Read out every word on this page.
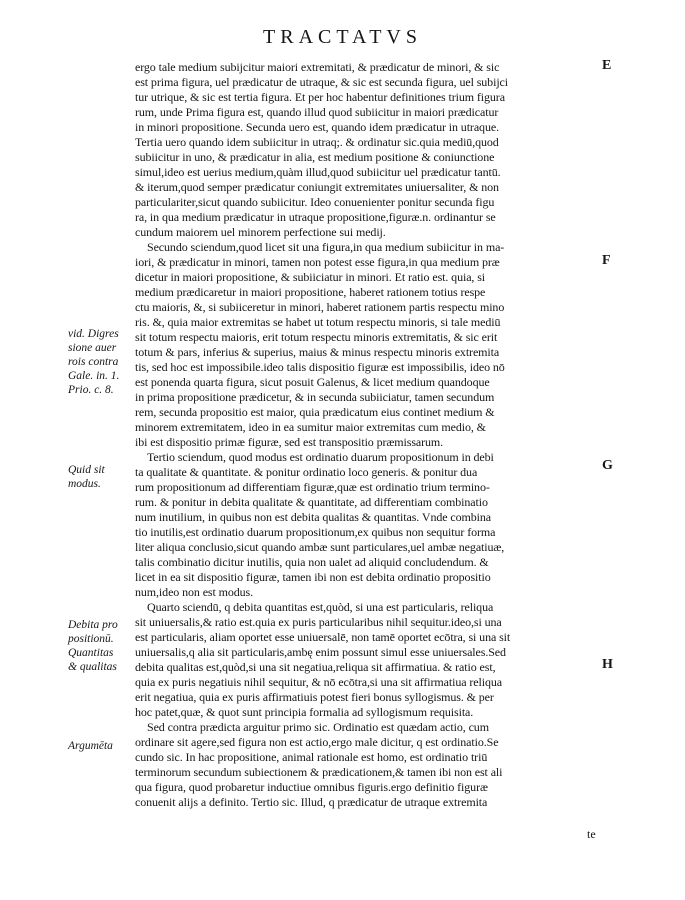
TRACTATVS
E
F
G
H
vid. Digres
sione auer
rois contra
Gale. in. 1.
Prio. c. 8.
Quid sit
modus.
Debita pro
positionū.
Quantitas
& qualitas
Argumēta
ergo tale medium subijcitur maiori extremitati, & prædicatur de minori, & sic
est prima figura, uel prædicatur de utraque, & sic est secunda figura, uel subijci
tur utrique, & sic est tertia figura. Et per hoc habentur definitiones trium figura
rum, unde Prima figura est, quando illud quod subiicitur in maiori prædicatur
in minori propositione. Secunda uero est, quando idem prædicatur in utraque.
Tertia uero quando idem subiicitur in utraq;. & ordinatur sic.quia mediū,quod
subiicitur in uno, & prædicatur in alia, est medium positione & coniunctione
simul,ideo est uerius medium,quàm illud,quod subiicitur uel prædicatur tantū.
& iterum,quod semper prædicatur coniungit extremitates uniuersaliter, & non
particulariter,sicut quando subiicitur. Ideo conuenienter ponitur secunda figu
ra, in qua medium prædicatur in utraque propositione,figuræ.n. ordinantur se
cundum maiorem uel minorem perfectione sui medij.
Secundo sciendum,quod licet sit una figura,in qua medium subiicitur in ma-
iori, & prædicatur in minori, tamen non potest esse figura,in qua medium præ
dicetur in maiori propositione, & subiiciatur in minori. Et ratio est. quia, si
medium prædicaretur in maiori propositione, haberet rationem totius respe
ctu maioris, &, si subiiceretur in minori, haberet rationem partis respectu mino
ris. &, quia maior extremitas se habet ut totum respectu minoris, si tale mediū
sit totum respectu maioris, erit totum respectu minoris extremitatis, & sic erit
totum & pars, inferius & superius, maius & minus respectu minoris extremita
tis, sed hoc est impossibile.ideo talis dispositio figuræ est impossibilis, ideo nō
est ponenda quarta figura, sicut posuit Galenus, & licet medium quandoque
in prima propositione prædicetur, & in secunda subiiciatur, tamen secundum
rem, secunda propositio est maior, quia prædicatum eius continet medium &
minorem extremitatem, ideo in ea sumitur maior extremitas cum medio, &
ibi est dispositio primæ figuræ, sed est transpositio præmissarum.
Tertio sciendum, quod modus est ordinatio duarum propositionum in debi
ta qualitate & quantitate. & ponitur ordinatio loco generis. & ponitur dua
rum propositionum ad differentiam figuræ,quæ est ordinatio trium termino-
rum. & ponitur in debita qualitate & quantitate, ad differentiam combinatio
num inutilium, in quibus non est debita qualitas & quantitas. Vnde combina
tio inutilis,est ordinatio duarum propositionum,ex quibus non sequitur forma
liter aliqua conclusio,sicut quando ambæ sunt particulares,uel ambæ negatiuæ,
talis combinatio dicitur inutilis, quia non ualet ad aliquid concludendum. &
licet in ea sit dispositio figuræ, tamen ibi non est debita ordinatio propositio
num,ideo non est modus.
Quarto sciendū, q debita quantitas est,quòd, si una est particularis, reliqua
sit uniuersalis,& ratio est.quia ex puris particularibus nihil sequitur.ideo,si una
est particularis, aliam oportet esse uniuersalē, non tamē oportet ecōtra, si una sit
uniuersalis,q alia sit particularis,ambę enim possunt simul esse uniuersales.Sed
debita qualitas est,quòd,si una sit negatiua,reliqua sit affirmatiua. & ratio est,
quia ex puris negatiuis nihil sequitur, & nō ecōtra,si una sit affirmatiua reliqua
erit negatiua, quia ex puris affirmatiuis potest fieri bonus syllogismus. & per
hoc patet,quæ, & quot sunt principia formalia ad syllogismum requisita.
Sed contra prædicta arguitur primo sic. Ordinatio est quædam actio, cum
ordinare sit agere,sed figura non est actio,ergo male dicitur, q est ordinatio.Se
cundo sic. In hac propositione, animal rationale est homo, est ordinatio triū
terminorum secundum subiectionem & prædicationem,& tamen ibi non est ali
qua figura, quod probaretur inductiue omnibus figuris.ergo definitio figuræ
conuenit alijs a definito. Tertio sic. Illud, q prædicatur de utraque extremita
te
